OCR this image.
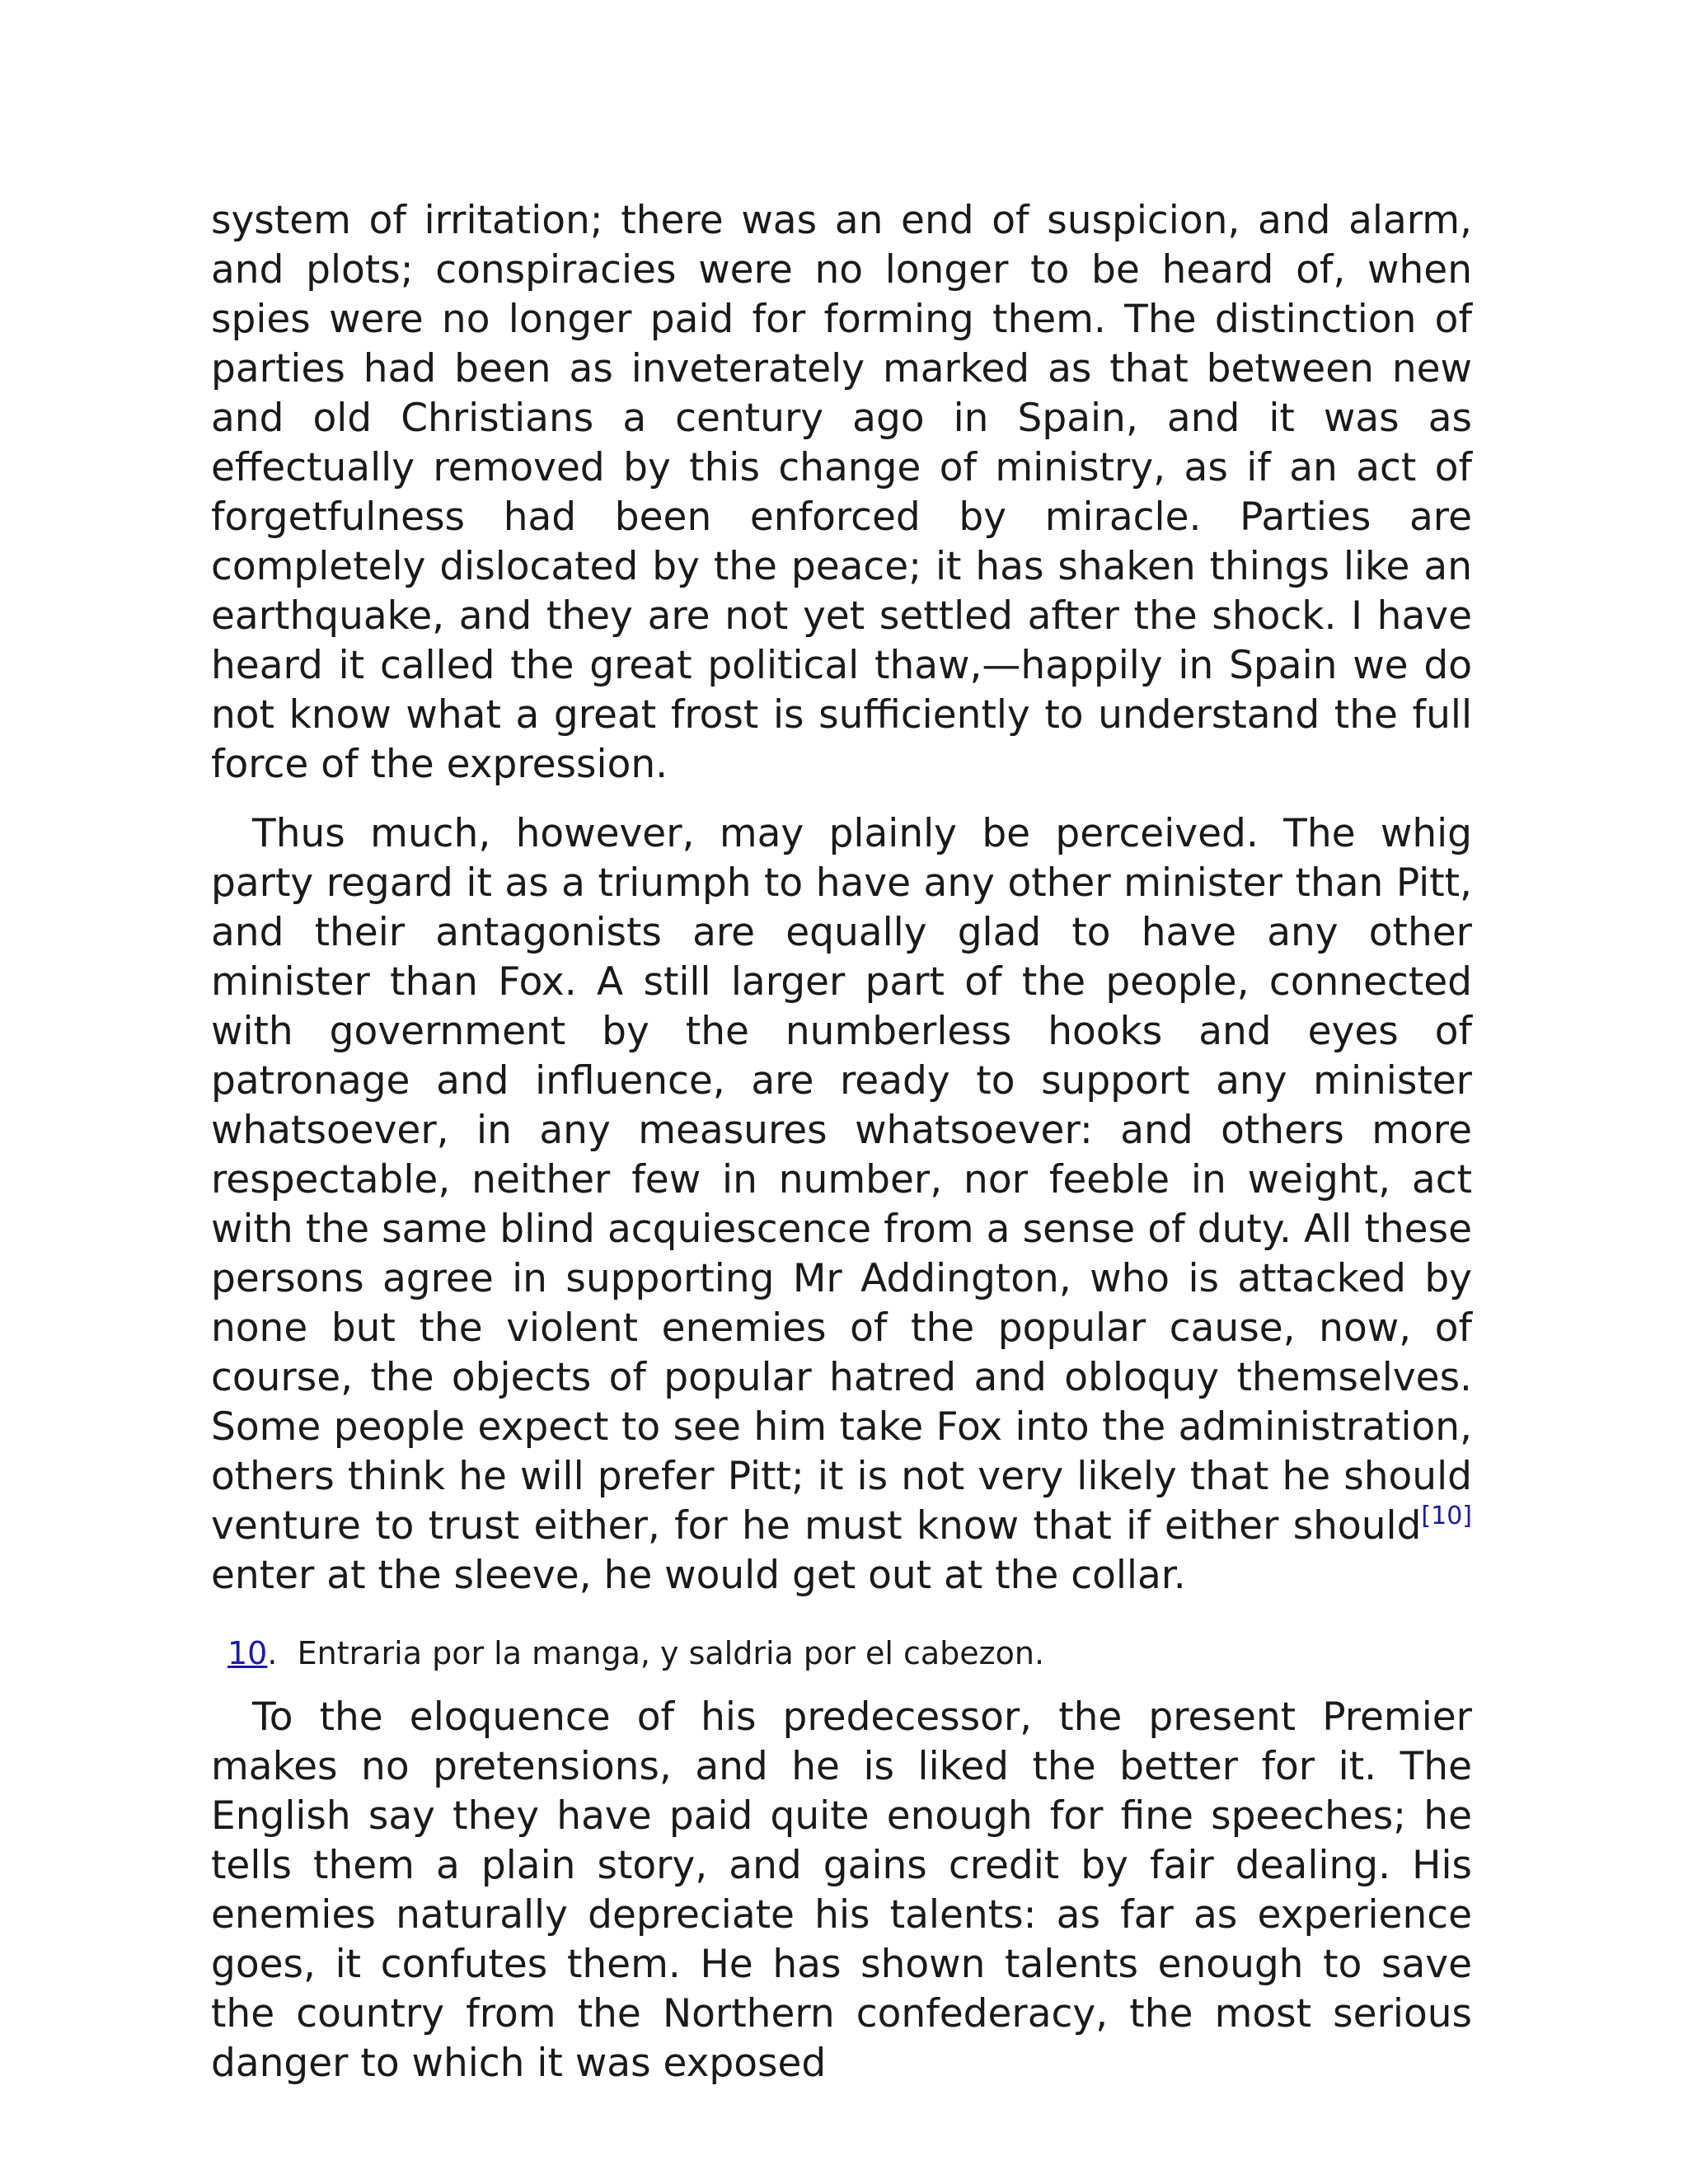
system of irritation; there was an end of suspicion, and alarm, and plots; conspiracies were no longer to be heard of, when spies were no longer paid for forming them. The distinction of parties had been as inveterately marked as that between new and old Christians a century ago in Spain, and it was as effectually removed by this change of ministry, as if an act of forgetfulness had been enforced by miracle. Parties are completely dislocated by the peace; it has shaken things like an earthquake, and they are not yet settled after the shock. I have heard it called the great political thaw,—happily in Spain we do not know what a great frost is sufficiently to understand the full force of the expression.

Thus much, however, may plainly be perceived. The whig party regard it as a triumph to have any other minister than Pitt, and their antagonists are equally glad to have any other minister than Fox. A still larger part of the people, connected with government by the numberless hooks and eyes of patronage and influence, are ready to support any minister whatsoever, in any measures whatsoever: and others more respectable, neither few in number, nor feeble in weight, act with the same blind acquiescence from a sense of duty. All these persons agree in supporting Mr Addington, who is attacked by none but the violent enemies of the popular cause, now, of course, the objects of popular hatred and obloquy themselves. Some people expect to see him take Fox into the administration, others think he will prefer Pitt; it is not very likely that he should venture to trust either, for he must know that if either should[10] enter at the sleeve, he would get out at the collar.

10. Entraria por la manga, y saldria por el cabezon.

To the eloquence of his predecessor, the present Premier makes no pretensions, and he is liked the better for it. The English say they have paid quite enough for fine speeches; he tells them a plain story, and gains credit by fair dealing. His enemies naturally depreciate his talents: as far as experience goes, it confutes them. He has shown talents enough to save the country from the Northern confederacy, the most serious danger to which it was exposed
